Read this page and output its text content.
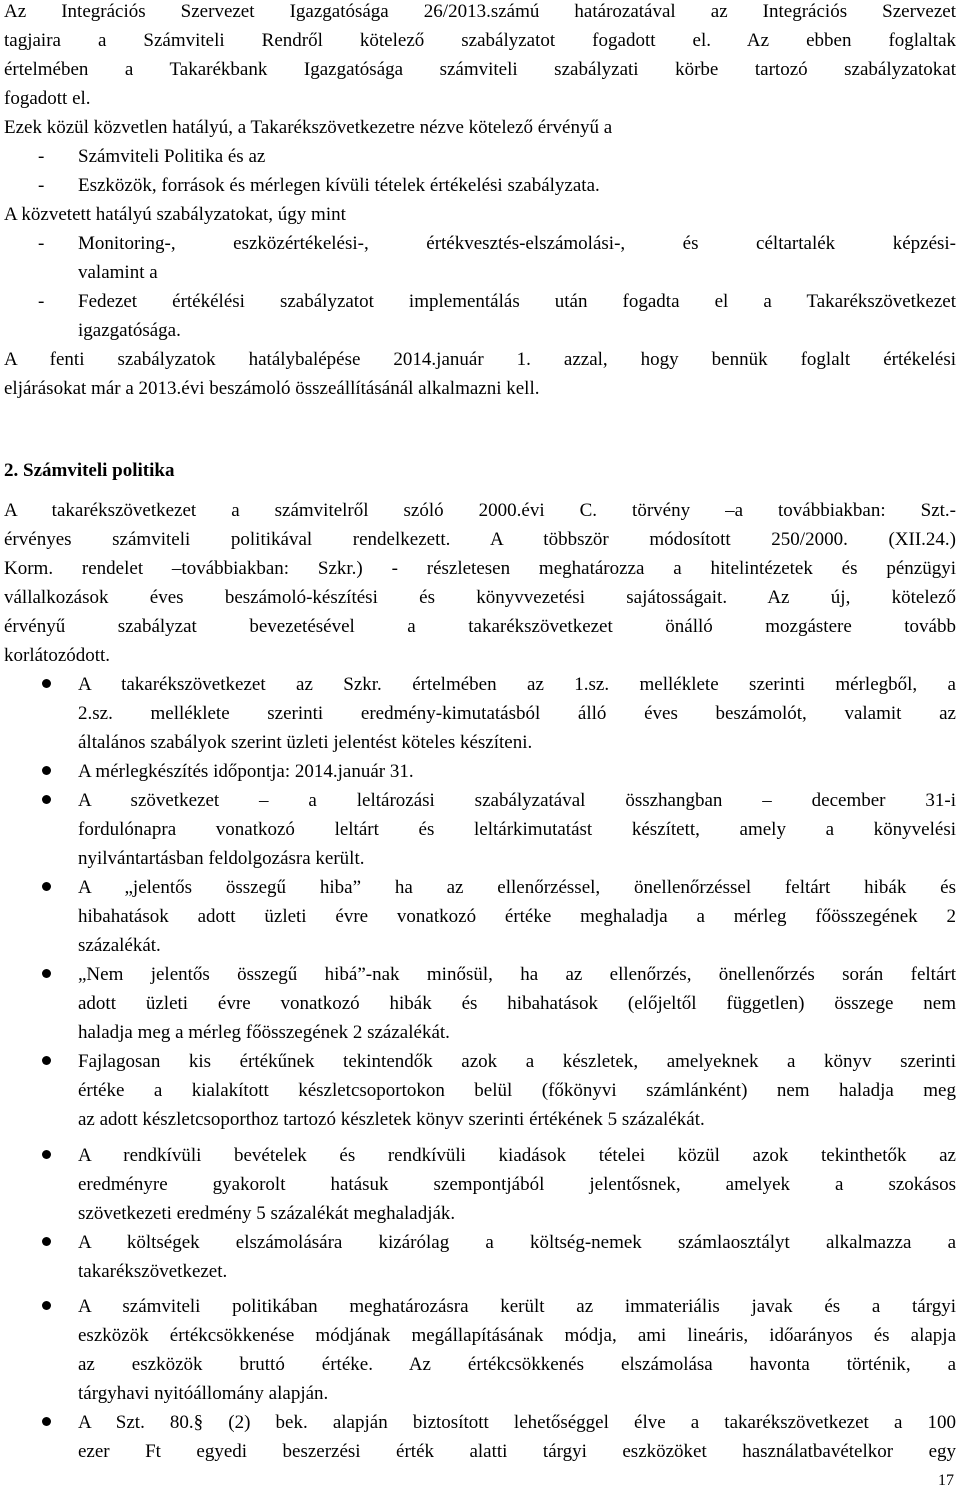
Az Integrációs Szervezet Igazgatósága 26/2013.számú határozatával az Integrációs Szervezet
tagjaira a Számviteli Rendről kötelező szabályzatot fogadott el. Az ebben foglaltak
értelmében a Takarékbank Igazgatósága számviteli szabályzati körbe tartozó szabályzatokat
fogadott el.
Ezek közül közvetlen hatályú, a Takarékszövetkezetre nézve kötelező érvényű a
- Számviteli Politika és az
- Eszközök, források és mérlegen kívüli tételek értékelési szabályzata.
A közvetett hatályú szabályzatokat, úgy mint
- Monitoring-, eszközértékelési-, értékvesztés-elszámolási-, és céltartalék képzési-
valamint a
- Fedezet értékélési szabályzatot implementálás után fogadta el a Takarékszövetkezet
igazgatósága.
A fenti szabályzatok hatálybalépése 2014.január 1. azzal, hogy bennük foglalt értékelési
eljárásokat már a 2013.évi beszámoló összeállításánál alkalmazni kell.
2. Számviteli politika
A takarékszövetkezet a számvitelről szóló 2000.évi C. törvény –a továbbiakban: Szt.-
érvényes számviteli politikával rendelkezett. A többször módosított 250/2000. (XII.24.)
Korm. rendelet –továbbiakban: Szkr.) - részletesen meghatározza a hitelintézetek és pénzügyi
vállalkozások éves beszámoló-készítési és könyvvezetési sajátosságait. Az új, kötelező
érvényű szabályzat bevezetésével a takarékszövetkezet önálló mozgástere tovább
korlátozódott.
A takarékszövetkezet az Szkr. értelmében az 1.sz. melléklete szerinti mérlegből, a
2.sz. melléklete szerinti eredmény-kimutatásból álló éves beszámolót, valamit az
általános szabályok szerint üzleti jelentést köteles készíteni.
A mérlegkészítés időpontja: 2014.január 31.
A szövetkezet – a leltározási szabályzatával összhangban – december 31-i
fordulónapra vonatkozó leltárt és leltárkimutatást készített, amely a könyvelési
nyilvántartásban feldolgozásra került.
A „jelentős összegű hiba” ha az ellenőrzéssel, önellenőrzéssel feltárt hibák és
hibahatások adott üzleti évre vonatkozó értéke meghaladja a mérleg főösszegének 2
százalékát.
„Nem jelentős összegű hibá”-nak minősül, ha az ellenőrzés, önellenőrzés során feltárt
adott üzleti évre vonatkozó hibák és hibahatások (előjeltől független) összege nem
haladja meg a mérleg főösszegének 2 százalékát.
Fajlagosan kis értékűnek tekintendők azok a készletek, amelyeknek a könyv szerinti
értéke a kialakított készletcsoportokon belül (főkönyvi számlánként) nem haladja meg
az adott készletcsoporthoz tartozó készletek könyv szerinti értékének 5 százalékát.
A rendkívüli bevételek és rendkívüli kiadások tételei közül azok tekinthetők az
eredményre gyakorolt hatásuk szempontjából jelentősnek, amelyek a szokásos
szövetkezeti eredmény 5 százalékát meghaladják.
A költségek elszámolására kizárólag a költség-nemek számlaosztályt alkalmazza a
takarékszövetkezet.
A számviteli politikában meghatározásra került az immateriális javak és a tárgyi
eszközök értékcsökkenése módjának megállapításának módja, ami lineáris, időarányos és alapja
az eszközök bruttó értéke. Az értékcsökkenés elszámolása havonta történik, a
tárgyhavi nyitóállomány alapján.
A Szt. 80.§ (2) bek. alapján biztosított lehetőséggel élve a takarékszövetkezet a 100
ezer Ft egyedi beszerzési érték alatti tárgyi eszközöket használatbavételkor egy
17
